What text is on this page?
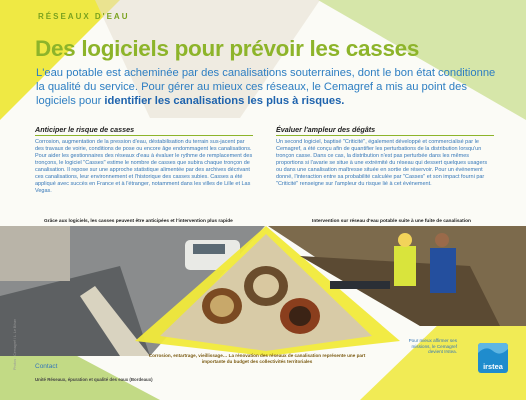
RÉSEAUX D'EAU
Des logiciels pour prévoir les casses
L'eau potable est acheminée par des canalisations souterraines, dont le bon état conditionne la qualité du service. Pour gérer au mieux ces réseaux, le Cemagref a mis au point des logiciels pour identifier les canalisations les plus à risques.
Anticiper le risque de casses

Corrosion, augmentation de la pression d'eau, déstabilisation du terrain sus-jacent par des travaux de voirie, conditions de pose ou encore âge endommagent les canalisations. Pour aider les gestionnaires des réseaux d'eau à évaluer le rythme de remplacement des tronçons, le logiciel "Casses" estime le nombre de casses que subira chaque tronçon de canalisation. Il repose sur une approche statistique alimentée par des archives décrivant ces canalisations, leur environnement et l'historique des casses subies. Casses a été appliqué avec succès en France et à l'étranger, notamment dans les villes de Lille et Las Vegas.

Évaluer l'ampleur des dégâts

Un second logiciel, baptisé "Criticité", également développé et commercialisé par le Cemagref, a été conçu afin de quantifier les perturbations de la distribution lorsqu'un tronçon casse. Dans ce cas, la distribution n'est pas perturbée dans les mêmes proportions si l'avarie se situe à une extrémité du réseau qui dessert quelques usagers ou dans une canalisation maîtresse située en sortie de réservoir. Pour un événement donné, l'interaction entre sa probabilité calculée par "Casses" et son impact fourni par "Criticité" renseigne sur l'ampleur du risque lié à cet événement.

Grâce aux logiciels, les casses peuvent être anticipées et l'intervention plus rapide	Intervention sur réseau d'eau potable suite à une fuite de canalisation
Corrosion, entartrage, vieillissage… La rénovation des réseaux de canalisation représente une part importante du budget des collectivités territoriales
Contact
Unité Réseaux, épuration et qualité des eaux (Bordeaux)
Pour mieux affirmer ses missions, le Cemagref devient Irstea.
irstea
Photos : Cemagref / L. Le Bihan
